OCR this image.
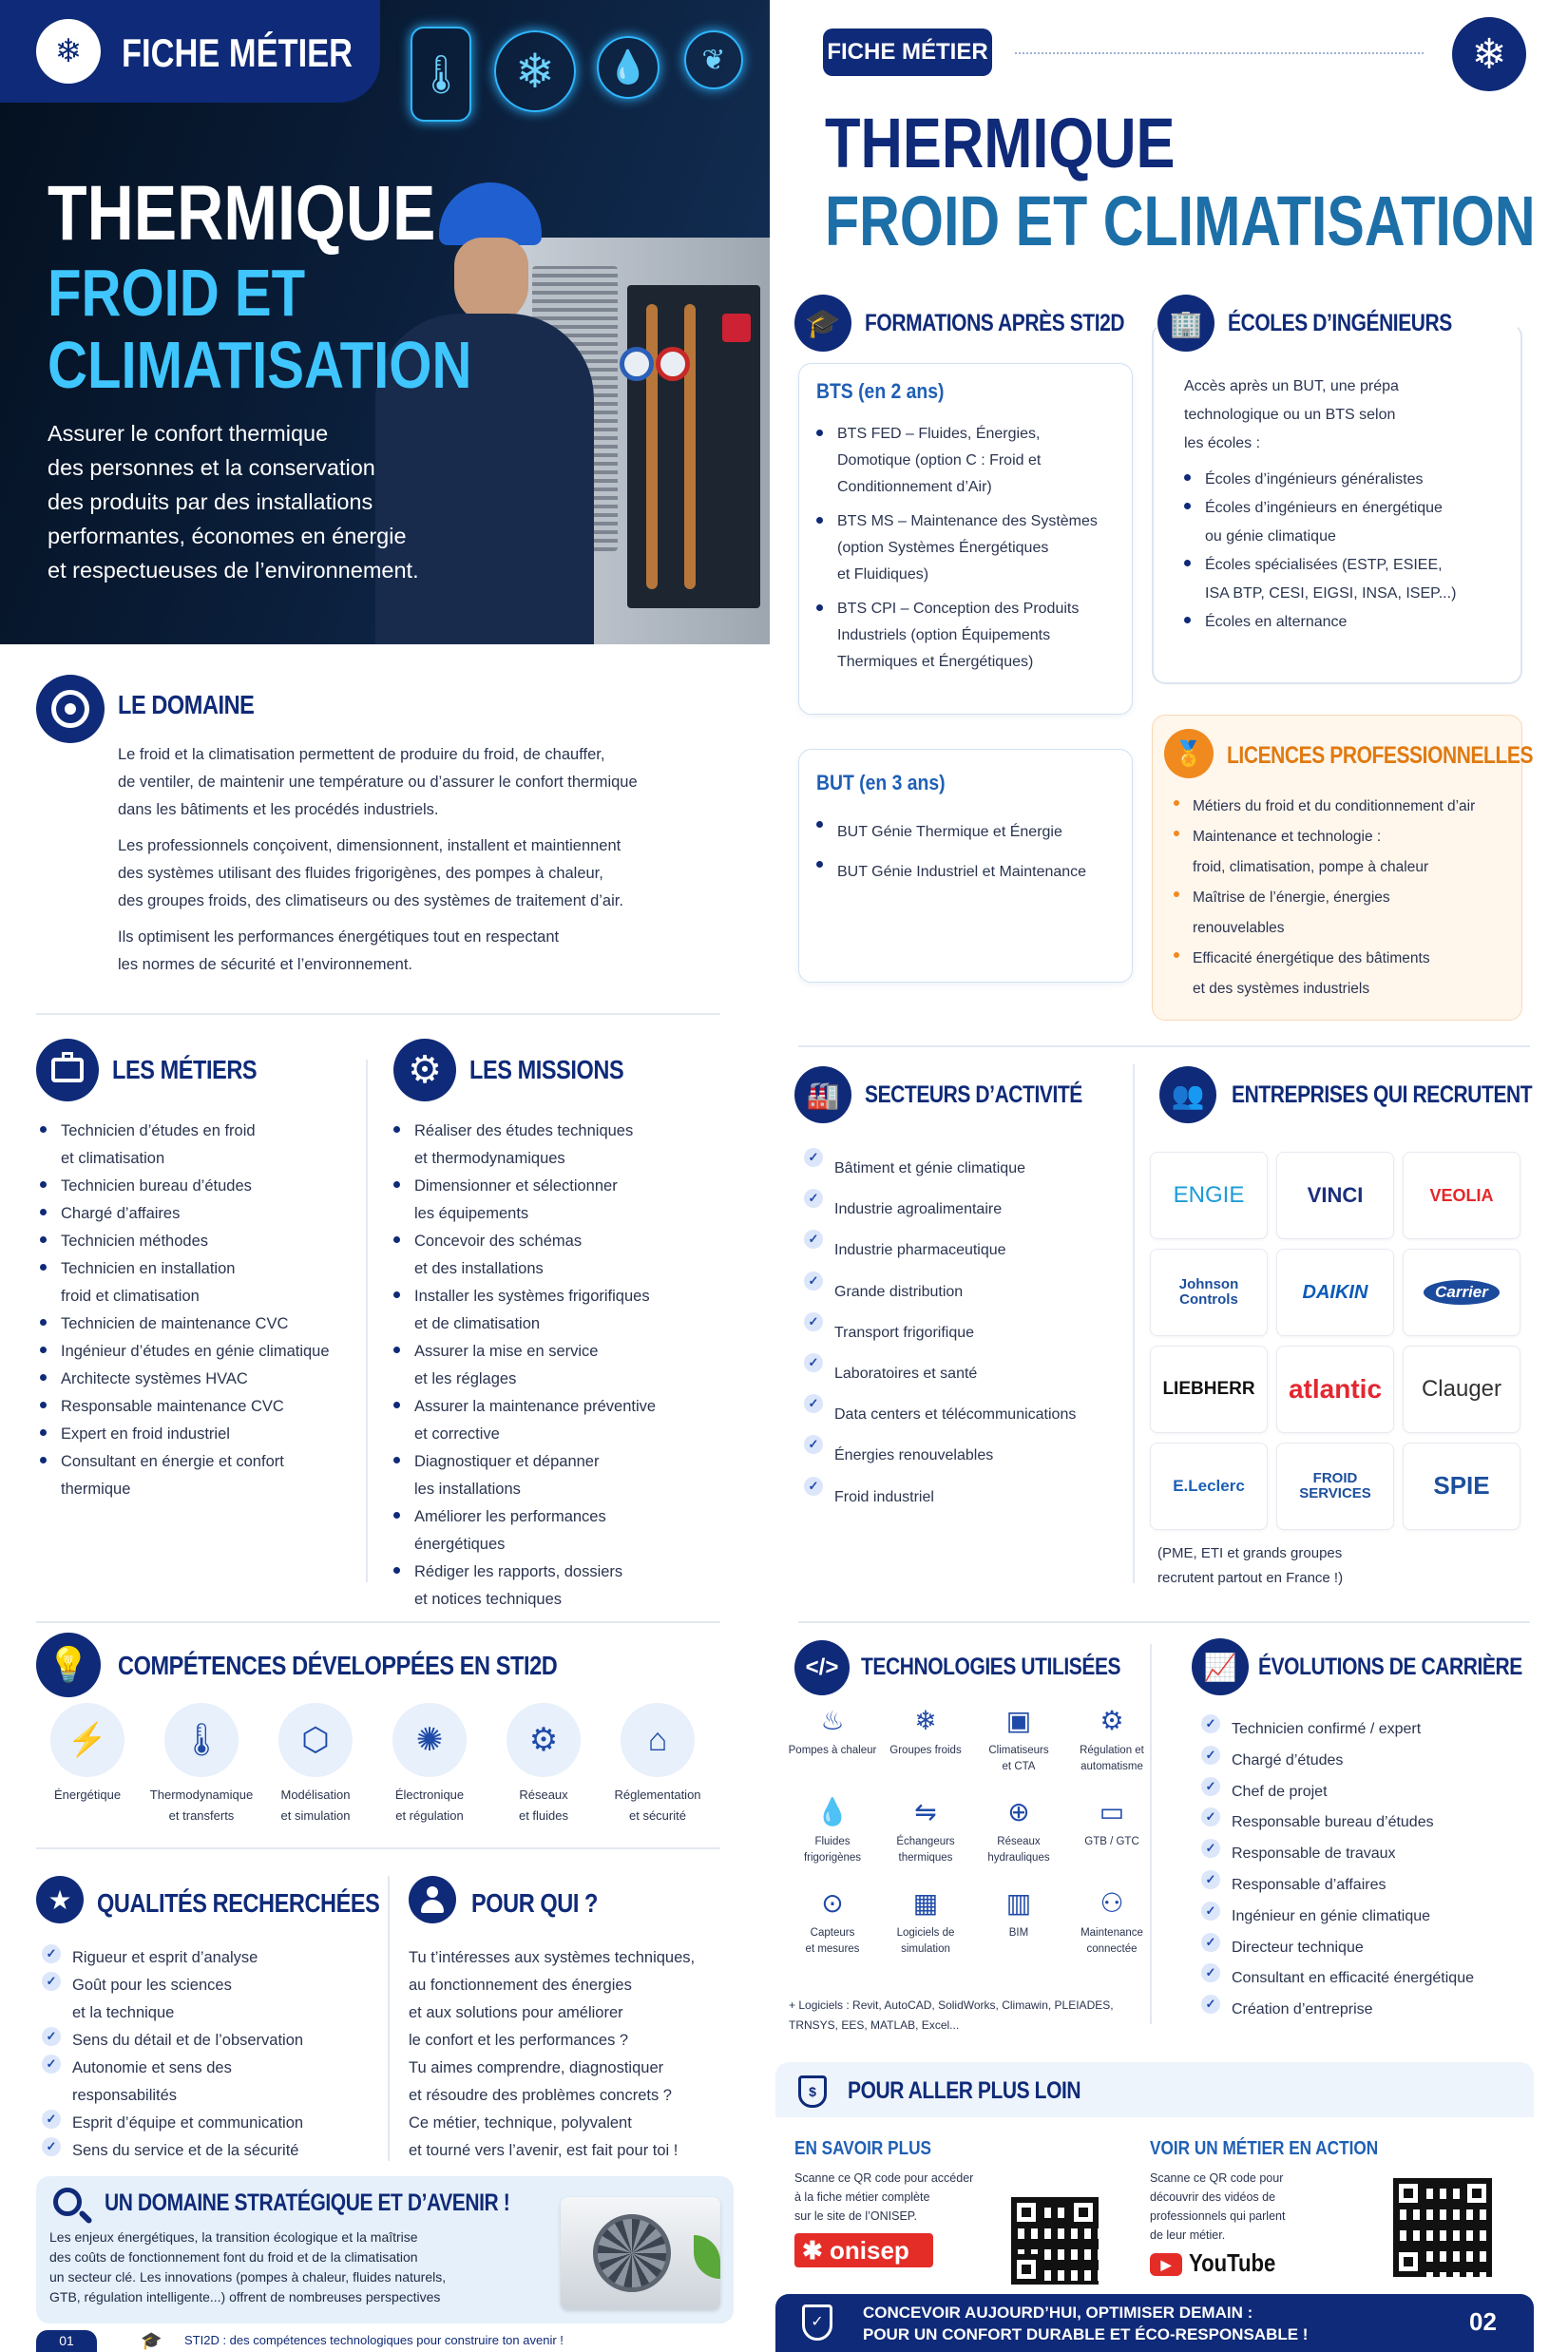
🌡	❄	💧	❦
❄ FICHE MÉTIER
THERMIQUE
FROID ET
CLIMATISATION
Assurer le confort thermique
des personnes et la conservation
des produits par des installations
performantes, économes en énergie
et respectueuses de l’environnement.
LE DOMAINE
Le froid et la climatisation permettent de produire du froid, de chauffer,
de ventiler, de maintenir une température ou d’assurer le confort thermique
dans les bâtiments et les procédés industriels.
Les professionnels conçoivent, dimensionnent, installent et maintiennent
des systèmes utilisant des fluides frigorigènes, des pompes à chaleur,
des groupes froids, des climatiseurs ou des systèmes de traitement d’air.
Ils optimisent les performances énergétiques tout en respectant
les normes de sécurité et l’environnement.
LES MÉTIERS
Technicien d’études en froid
et climatisation
Technicien bureau d’études
Chargé d’affaires
Technicien méthodes
Technicien en installation
froid et climatisation
Technicien de maintenance CVC
Ingénieur d’études en génie climatique
Architecte systèmes HVAC
Responsable maintenance CVC
Expert en froid industriel
Consultant en énergie et confort
thermique
⚙	LES MISSIONS
Réaliser des études techniques
et thermodynamiques
Dimensionner et sélectionner
les équipements
Concevoir des schémas
et des installations
Installer les systèmes frigorifiques
et de climatisation
Assurer la mise en service
et les réglages
Assurer la maintenance préventive
et corrective
Diagnostiquer et dépanner
les installations
Améliorer les performances
énergétiques
Rédiger les rapports, dossiers
et notices techniques
💡	COMPÉTENCES DÉVELOPPÉES EN STI2D
⚡
Énergétique
🌡
Thermodynamique
et transferts
⬡
Modélisation
et simulation
✺
Électronique
et régulation
⚙
Réseaux
et fluides
⌂
Réglementation
et sécurité
★ QUALITÉS RECHERCHÉES
✓ Rigueur et esprit d’analyse
✓ Goût pour les sciences
et la technique
✓ Sens du détail et de l’observation
✓ Autonomie et sens des
responsabilités
✓ Esprit d’équipe et communication
✓ Sens du service et de la sécurité
POUR QUI ?
Tu t’intéresses aux systèmes techniques,
au fonctionnement des énergies
et aux solutions pour améliorer
le confort et les performances ?
Tu aimes comprendre, diagnostiquer
et résoudre des problèmes concrets ?
Ce métier, technique, polyvalent
et tourné vers l’avenir, est fait pour toi !
UN DOMAINE STRATÉGIQUE ET D’AVENIR !
Les enjeux énergétiques, la transition écologique et la maîtrise
des coûts de fonctionnement font du froid et de la climatisation
un secteur clé. Les innovations (pompes à chaleur, fluides naturels,
GTB, régulation intelligente...) offrent de nombreuses perspectives
01	🎓 STI2D : des compétences technologiques pour construire ton avenir !
FICHE MÉTIER	❄
THERMIQUE
FROID ET CLIMATISATION
🎓	FORMATIONS APRÈS STI2D
BTS (en 2 ans)
BTS FED – Fluides, Énergies,
Domotique (option C : Froid et
Conditionnement d’Air)
BTS MS – Maintenance des Systèmes
(option Systèmes Énergétiques
et Fluidiques)
BTS CPI – Conception des Produits
Industriels (option Équipements
Thermiques et Énergétiques)
BUT (en 3 ans)
BUT Génie Thermique et Énergie
BUT Génie Industriel et Maintenance
🏢	ÉCOLES D’INGÉNIEURS
Accès après un BUT, une prépa
technologique ou un BTS selon
les écoles :
Écoles d’ingénieurs généralistes
Écoles d’ingénieurs en énergétique
ou génie climatique
Écoles spécialisées (ESTP, ESIEE,
ISA BTP, CESI, EIGSI, INSA, ISEP...)
Écoles en alternance
🏅 LICENCES PROFESSIONNELLES
Métiers du froid et du conditionnement d’air
Maintenance et technologie :
froid, climatisation, pompe à chaleur
Maîtrise de l’énergie, énergies
renouvelables
Efficacité énergétique des bâtiments
et des systèmes industriels
🏭	SECTEURS D’ACTIVITÉ
✓ Bâtiment et génie climatique
✓ Industrie agroalimentaire
✓ Industrie pharmaceutique
✓ Grande distribution
✓ Transport frigorifique
✓ Laboratoires et santé
✓ Data centers et télécommunications
✓ Énergies renouvelables
✓ Froid industriel
👥	ENTREPRISES QUI RECRUTENT
ENGIE	VINCI	VEOLIA
Johnson Controls	DAIKIN	Carrier
LIEBHERR atlantic Clauger
E.Leclerc	FROID SERVICES	SPIE
(PME, ETI et grands groupes
recrutent partout en France !)
</> TECHNOLOGIES UTILISÉES
♨
Pompes à chaleur
❄
Groupes froids
▣
Climatiseurs
et CTA
⚙
Régulation et
automatisme
💧
Fluides
frigorigènes
⇋
Échangeurs
thermiques
⊕
Réseaux
hydrauliques
▭
GTB / GTC
⊙
Capteurs
et mesures
▦
Logiciels de
simulation
▥
BIM
⚇
Maintenance
connectée
+ Logiciels : Revit, AutoCAD, SolidWorks, Climawin, PLEIADES,
TRNSYS, EES, MATLAB, Excel...
📈 ÉVOLUTIONS DE CARRIÈRE
✓ Technicien confirmé / expert
✓ Chargé d’études
✓ Chef de projet
✓ Responsable bureau d’études
✓ Responsable de travaux
✓ Responsable d’affaires
✓ Ingénieur en génie climatique
✓ Directeur technique
✓ Consultant en efficacité énergétique
✓ Création d’entreprise
$	POUR ALLER PLUS LOIN
EN SAVOIR PLUS
Scanne ce QR code pour accéder
à la fiche métier complète
sur le site de l’ONISEP.
✱ onisep
VOIR UN MÉTIER EN ACTION
Scanne ce QR code pour
découvrir des vidéos de
professionnels qui parlent
de leur métier.
▶ YouTube
✓
CONCEVOIR AUJOURD’HUI, OPTIMISER DEMAIN :
POUR UN CONFORT DURABLE ET ÉCO-RESPONSABLE !	02
